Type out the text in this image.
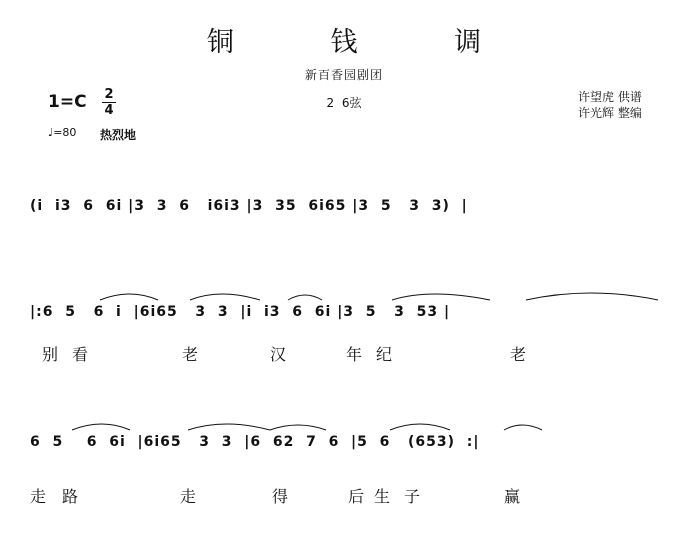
铜 钱 调
新百香园剧团
2 6弦
1=C 2
4
♩=80 热烈地
许望虎 供谱
许光辉 整编
(i  i3  6  6i |3  3  6   i6i3 |3  35  6i65 |3  5   3  3)  |
|:6  5   6  i  |6i65   3  3  |i  i3  6  6i |3  5   3  53 |
别 看	老	汉	年 纪	老
6  5    6  6i  |6i65   3  3  |6  62  7  6  |5  6   (653)  :|
走 路	走	得	后 生 子	赢
